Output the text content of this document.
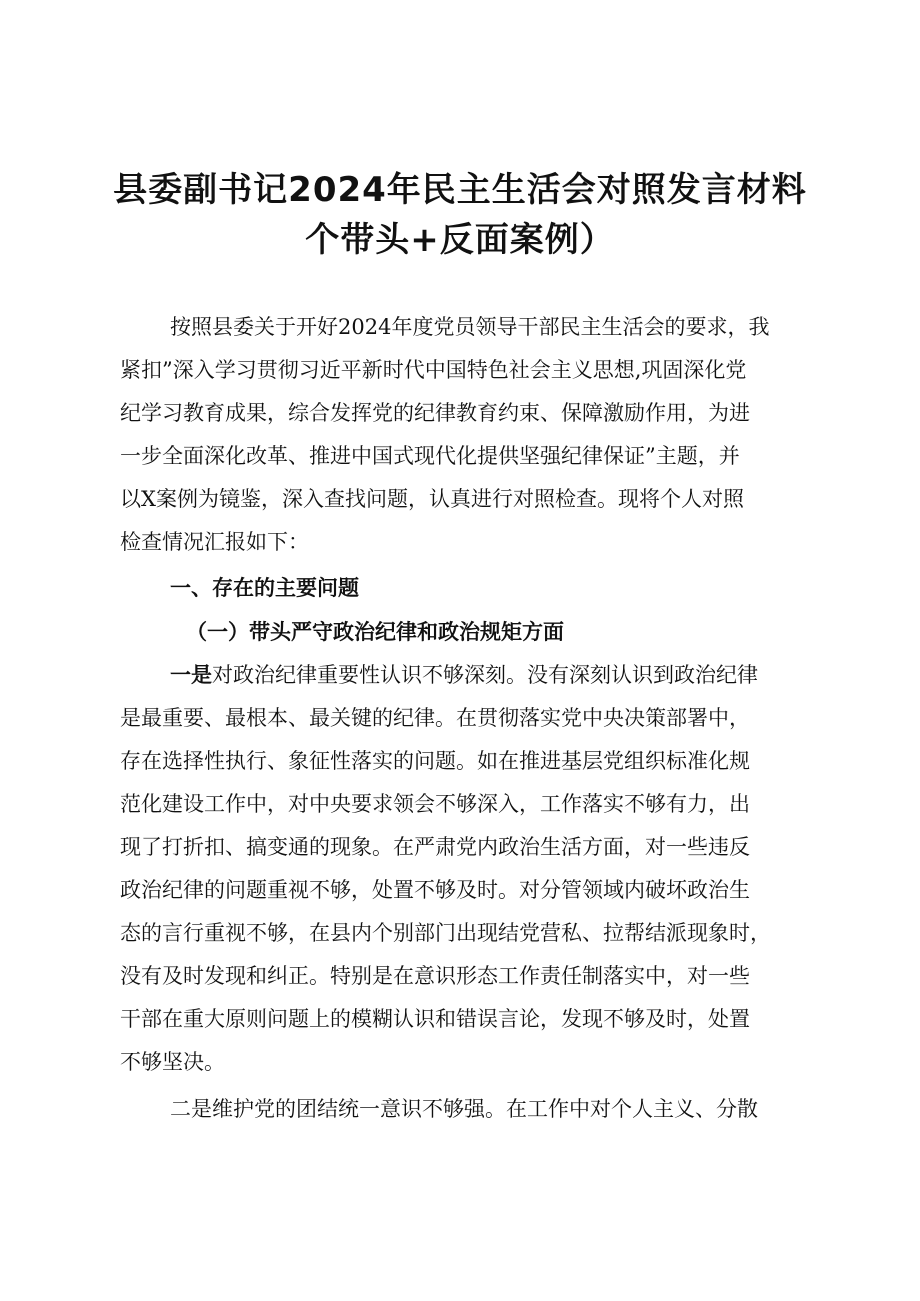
县委副书记2024年民主生活会对照发言材料
个带头+反面案例）
按照县委关于开好2024年度党员领导干部民主生活会的要求，我
紧扣”深入学习贯彻习近平新时代中国特色社会主义思想,巩固深化党
纪学习教育成果，综合发挥党的纪律教育约束、保障激励作用，为进
一步全面深化改革、推进中国式现代化提供坚强纪律保证”主题，并
以X案例为镜鉴，深入查找问题，认真进行对照检查。现将个人对照
检查情况汇报如下：
一、存在的主要问题
（一）带头严守政治纪律和政治规矩方面
一是对政治纪律重要性认识不够深刻。没有深刻认识到政治纪律
是最重要、最根本、最关键的纪律。在贯彻落实党中央决策部署中，
存在选择性执行、象征性落实的问题。如在推进基层党组织标准化规
范化建设工作中，对中央要求领会不够深入，工作落实不够有力，出
现了打折扣、搞变通的现象。在严肃党内政治生活方面，对一些违反
政治纪律的问题重视不够，处置不够及时。对分管领域内破坏政治生
态的言行重视不够，在县内个别部门出现结党营私、拉帮结派现象时，
没有及时发现和纠正。特别是在意识形态工作责任制落实中，对一些
干部在重大原则问题上的模糊认识和错误言论，发现不够及时，处置
不够坚决。
二是维护党的团结统一意识不够强。在工作中对个人主义、分散
